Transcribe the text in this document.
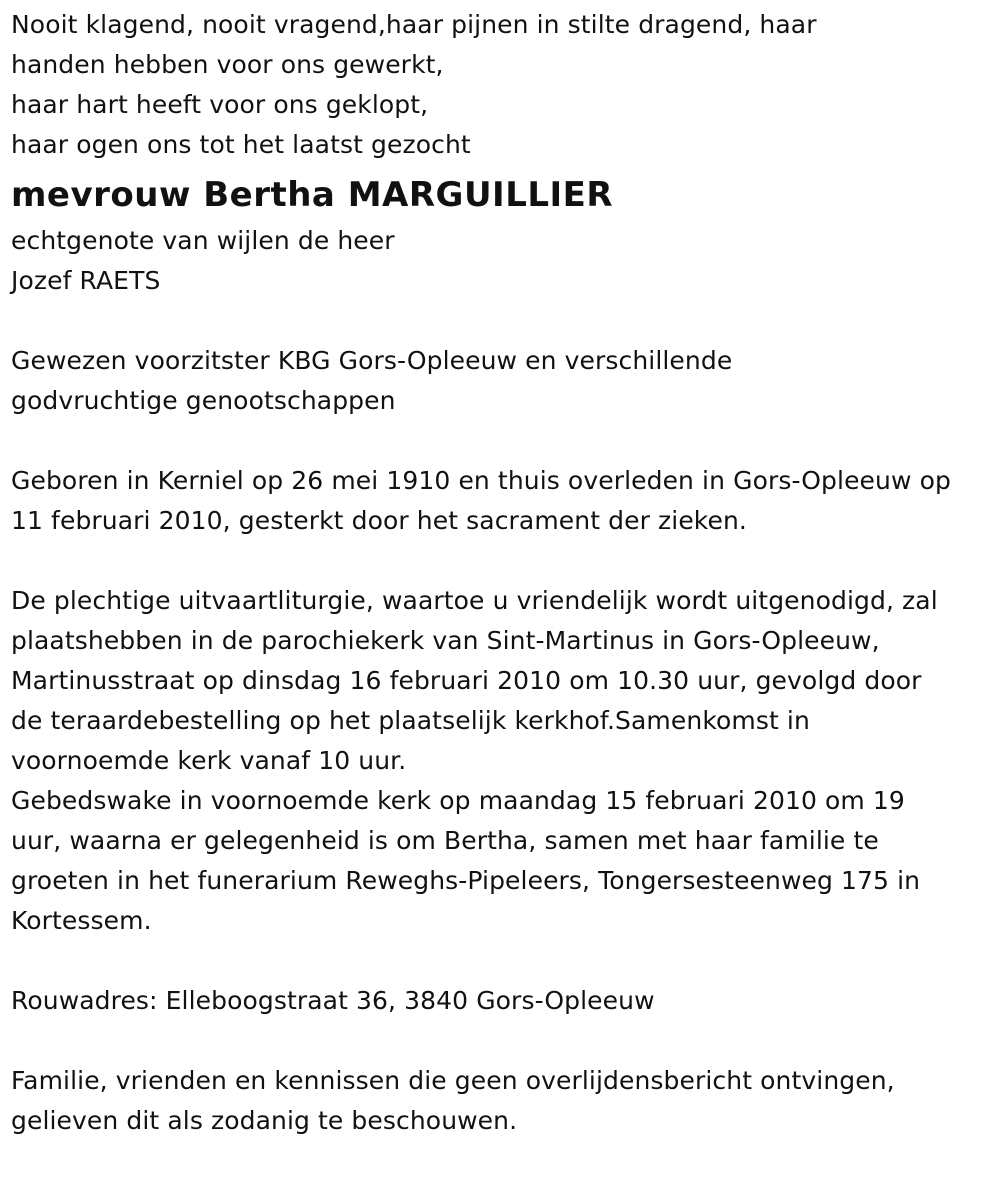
Nooit klagend, nooit vragend,haar pijnen in stilte dragend, haar
handen hebben voor ons gewerkt,
haar hart heeft voor ons geklopt,
haar ogen ons tot het laatst gezocht
mevrouw Bertha MARGUILLIER
echtgenote van wijlen de heer
Jozef RAETS
Gewezen voorzitster KBG Gors-Opleeuw en verschillende
godvruchtige genootschappen
Geboren in Kerniel op 26 mei 1910 en thuis overleden in Gors-Opleeuw op
11 februari 2010, gesterkt door het sacrament der zieken.
De plechtige uitvaartliturgie, waartoe u vriendelijk wordt uitgenodigd, zal
plaatshebben in de parochiekerk van Sint-Martinus in Gors-Opleeuw,
Martinusstraat op dinsdag 16 februari 2010 om 10.30 uur, gevolgd door
de teraardebestelling op het plaatselijk kerkhof.Samenkomst in
voornoemde kerk vanaf 10 uur.
Gebedswake in voornoemde kerk op maandag 15 februari 2010 om 19
uur, waarna er gelegenheid is om Bertha, samen met haar familie te
groeten in het funerarium Reweghs-Pipeleers, Tongersesteenweg 175 in
Kortessem.
Rouwadres: Elleboogstraat 36, 3840 Gors-Opleeuw
Familie, vrienden en kennissen die geen overlijdensbericht ontvingen,
gelieven dit als zodanig te beschouwen.
